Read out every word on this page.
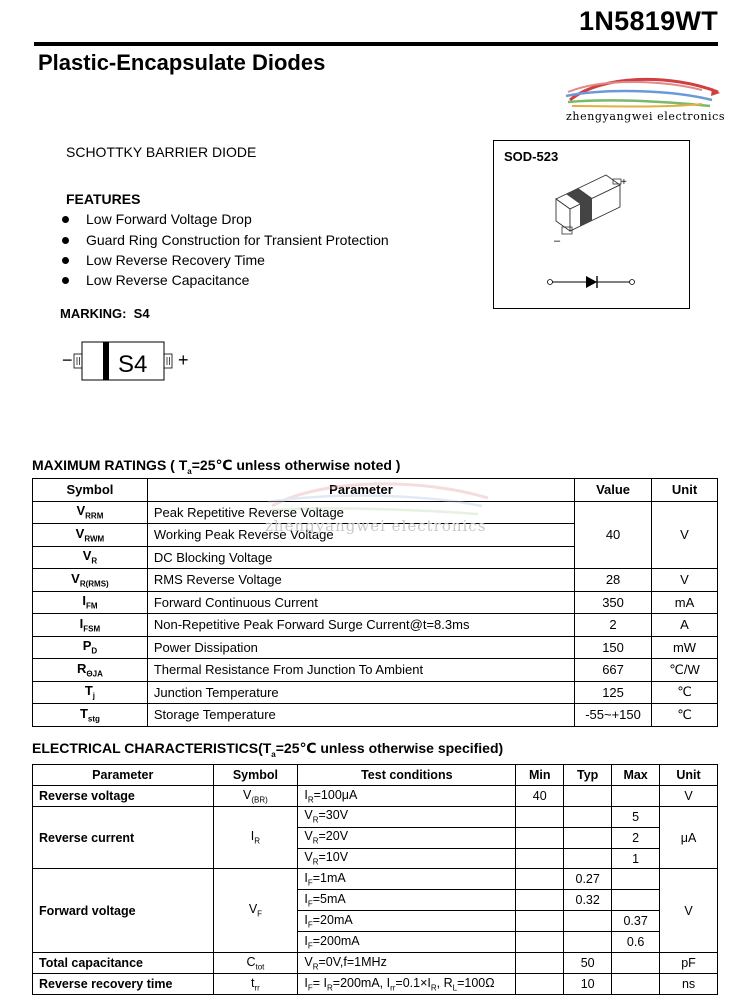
1N5819WT
Plastic-Encapsulate Diodes
zhengyangwei electronics
SCHOTTKY BARRIER DIODE
FEATURES
Low Forward Voltage Drop
Guard Ring Construction for Transient Protection
Low Reverse Recovery Time
Low Reverse Capacitance
MARKING: S4
− S4 +
SOD-523
+
–
MAXIMUM RATINGS ( $T_a=25℃$ unless otherwise noted )
Symbol	Parameter	Value	Unit
$V_{RRM}$	Peak Repetitive Reverse Voltage	40	V
$V_{RWM}$	Working Peak Reverse Voltage		
$V_R$	DC Blocking Voltage		
$V_{R(RMS)}$	RMS Reverse Voltage	28	V
$I_{FM}$	Forward Continuous Current	350	mA
$I_{FSM}$	Non-Repetitive Peak Forward Surge Current@t=8.3ms	2	A
$P_D$	Power Dissipation	150	mW
$R_{\Theta JA}$	Thermal Resistance From Junction To Ambient	667	℃/W
$T_j$	Junction Temperature	125	℃
$T_{stg}$	Storage Temperature	-55~+150	℃
zhengyangwei electronics
ELECTRICAL $CHARACTERISTICS(T_a=25℃$ unless otherwise specified)
Parameter	Symbol	Test conditions	Min	Typ	Max	Unit
Reverse voltage	$V_{(BR)}$	$I_R=100\mu A$	40			V
Reverse current	$I_R$	$V_R=30V$			5	μA
		$V_R=20V$			2	
		$V_R=10V$			1	
Forward voltage	$V_F$	$I_F=1mA$		0.27		V
		$I_F=5mA$		0.32		
		$I_F=20mA$			0.37	
		$I_F=200mA$			0.6	
Total capacitance	$C_{tot}$	$V_R=0V,f=1MHz$		50		pF
Reverse recovery time	$t_{rr}$	$I_F= I_R=200mA$, $I_{rr}=0.1\times I_R$, $R_L=100\Omega$		10		ns
